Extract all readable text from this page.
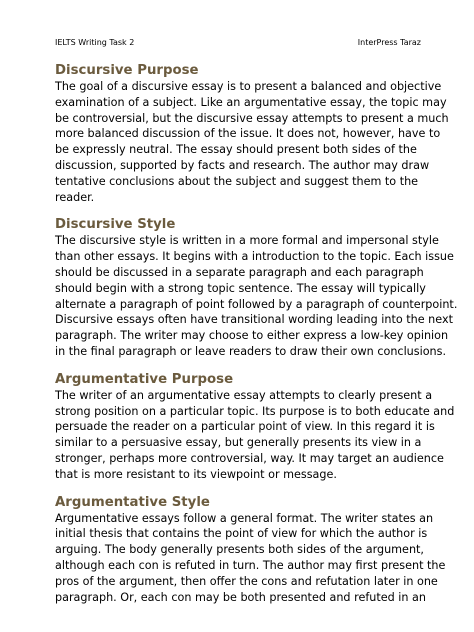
IELTS Writing Task 2	InterPress Taraz
Discursive Purpose

The goal of a discursive essay is to present a balanced and objective

examination of a subject. Like an argumentative essay, the topic may

be controversial, but the discursive essay attempts to present a much

more balanced discussion of the issue. It does not, however, have to

be expressly neutral. The essay should present both sides of the

discussion, supported by facts and research. The author may draw

tentative conclusions about the subject and suggest them to the

reader.

Discursive Style

The discursive style is written in a more formal and impersonal style

than other essays. It begins with a introduction to the topic. Each issue

should be discussed in a separate paragraph and each paragraph

should begin with a strong topic sentence. The essay will typically

alternate a paragraph of point followed by a paragraph of counterpoint.

Discursive essays often have transitional wording leading into the next

paragraph. The writer may choose to either express a low-key opinion

in the final paragraph or leave readers to draw their own conclusions.

Argumentative Purpose

The writer of an argumentative essay attempts to clearly present a

strong position on a particular topic. Its purpose is to both educate and

persuade the reader on a particular point of view. In this regard it is

similar to a persuasive essay, but generally presents its view in a

stronger, perhaps more controversial, way. It may target an audience

that is more resistant to its viewpoint or message.

Argumentative Style

Argumentative essays follow a general format. The writer states an

initial thesis that contains the point of view for which the author is

arguing. The body generally presents both sides of the argument,

although each con is refuted in turn. The author may first present the

pros of the argument, then offer the cons and refutation later in one

paragraph. Or, each con may be both presented and refuted in an
